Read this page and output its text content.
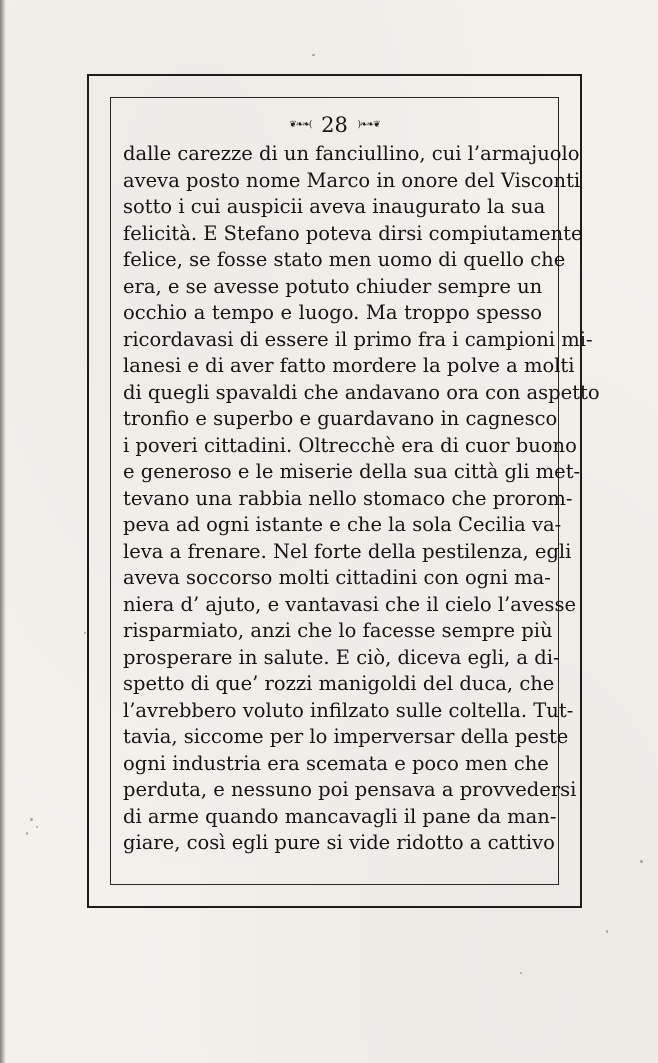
❦❧❧( 28 )❧❧❦
dalle carezze di un fanciullino, cui l’armajuolo
aveva posto nome Marco in onore del Visconti
sotto i cui auspicii aveva inaugurato la sua
felicità. E Stefano poteva dirsi compiutamente
felice, se fosse stato men uomo di quello che
era, e se avesse potuto chiuder sempre un
occhio a tempo e luogo. Ma troppo spesso
ricordavasi di essere il primo fra i campioni mi-
lanesi e di aver fatto mordere la polve a molti
di quegli spavaldi che andavano ora con aspetto
tronfio e superbo e guardavano in cagnesco
i poveri cittadini. Oltrecchè era di cuor buono
e generoso e le miserie della sua città gli met-
tevano una rabbia nello stomaco che prorom-
peva ad ogni istante e che la sola Cecilia va-
leva a frenare. Nel forte della pestilenza, egli
aveva soccorso molti cittadini con ogni ma-
niera d’ ajuto, e vantavasi che il cielo l’avesse
risparmiato, anzi che lo facesse sempre più
prosperare in salute. E ciò, diceva egli, a di-
spetto di que’ rozzi manigoldi del duca, che
l’avrebbero voluto infilzato sulle coltella. Tut-
tavia, siccome per lo imperversar della peste
ogni industria era scemata e poco men che
perduta, e nessuno poi pensava a provvedersi
di arme quando mancavagli il pane da man-
giare, così egli pure si vide ridotto a cattivo
